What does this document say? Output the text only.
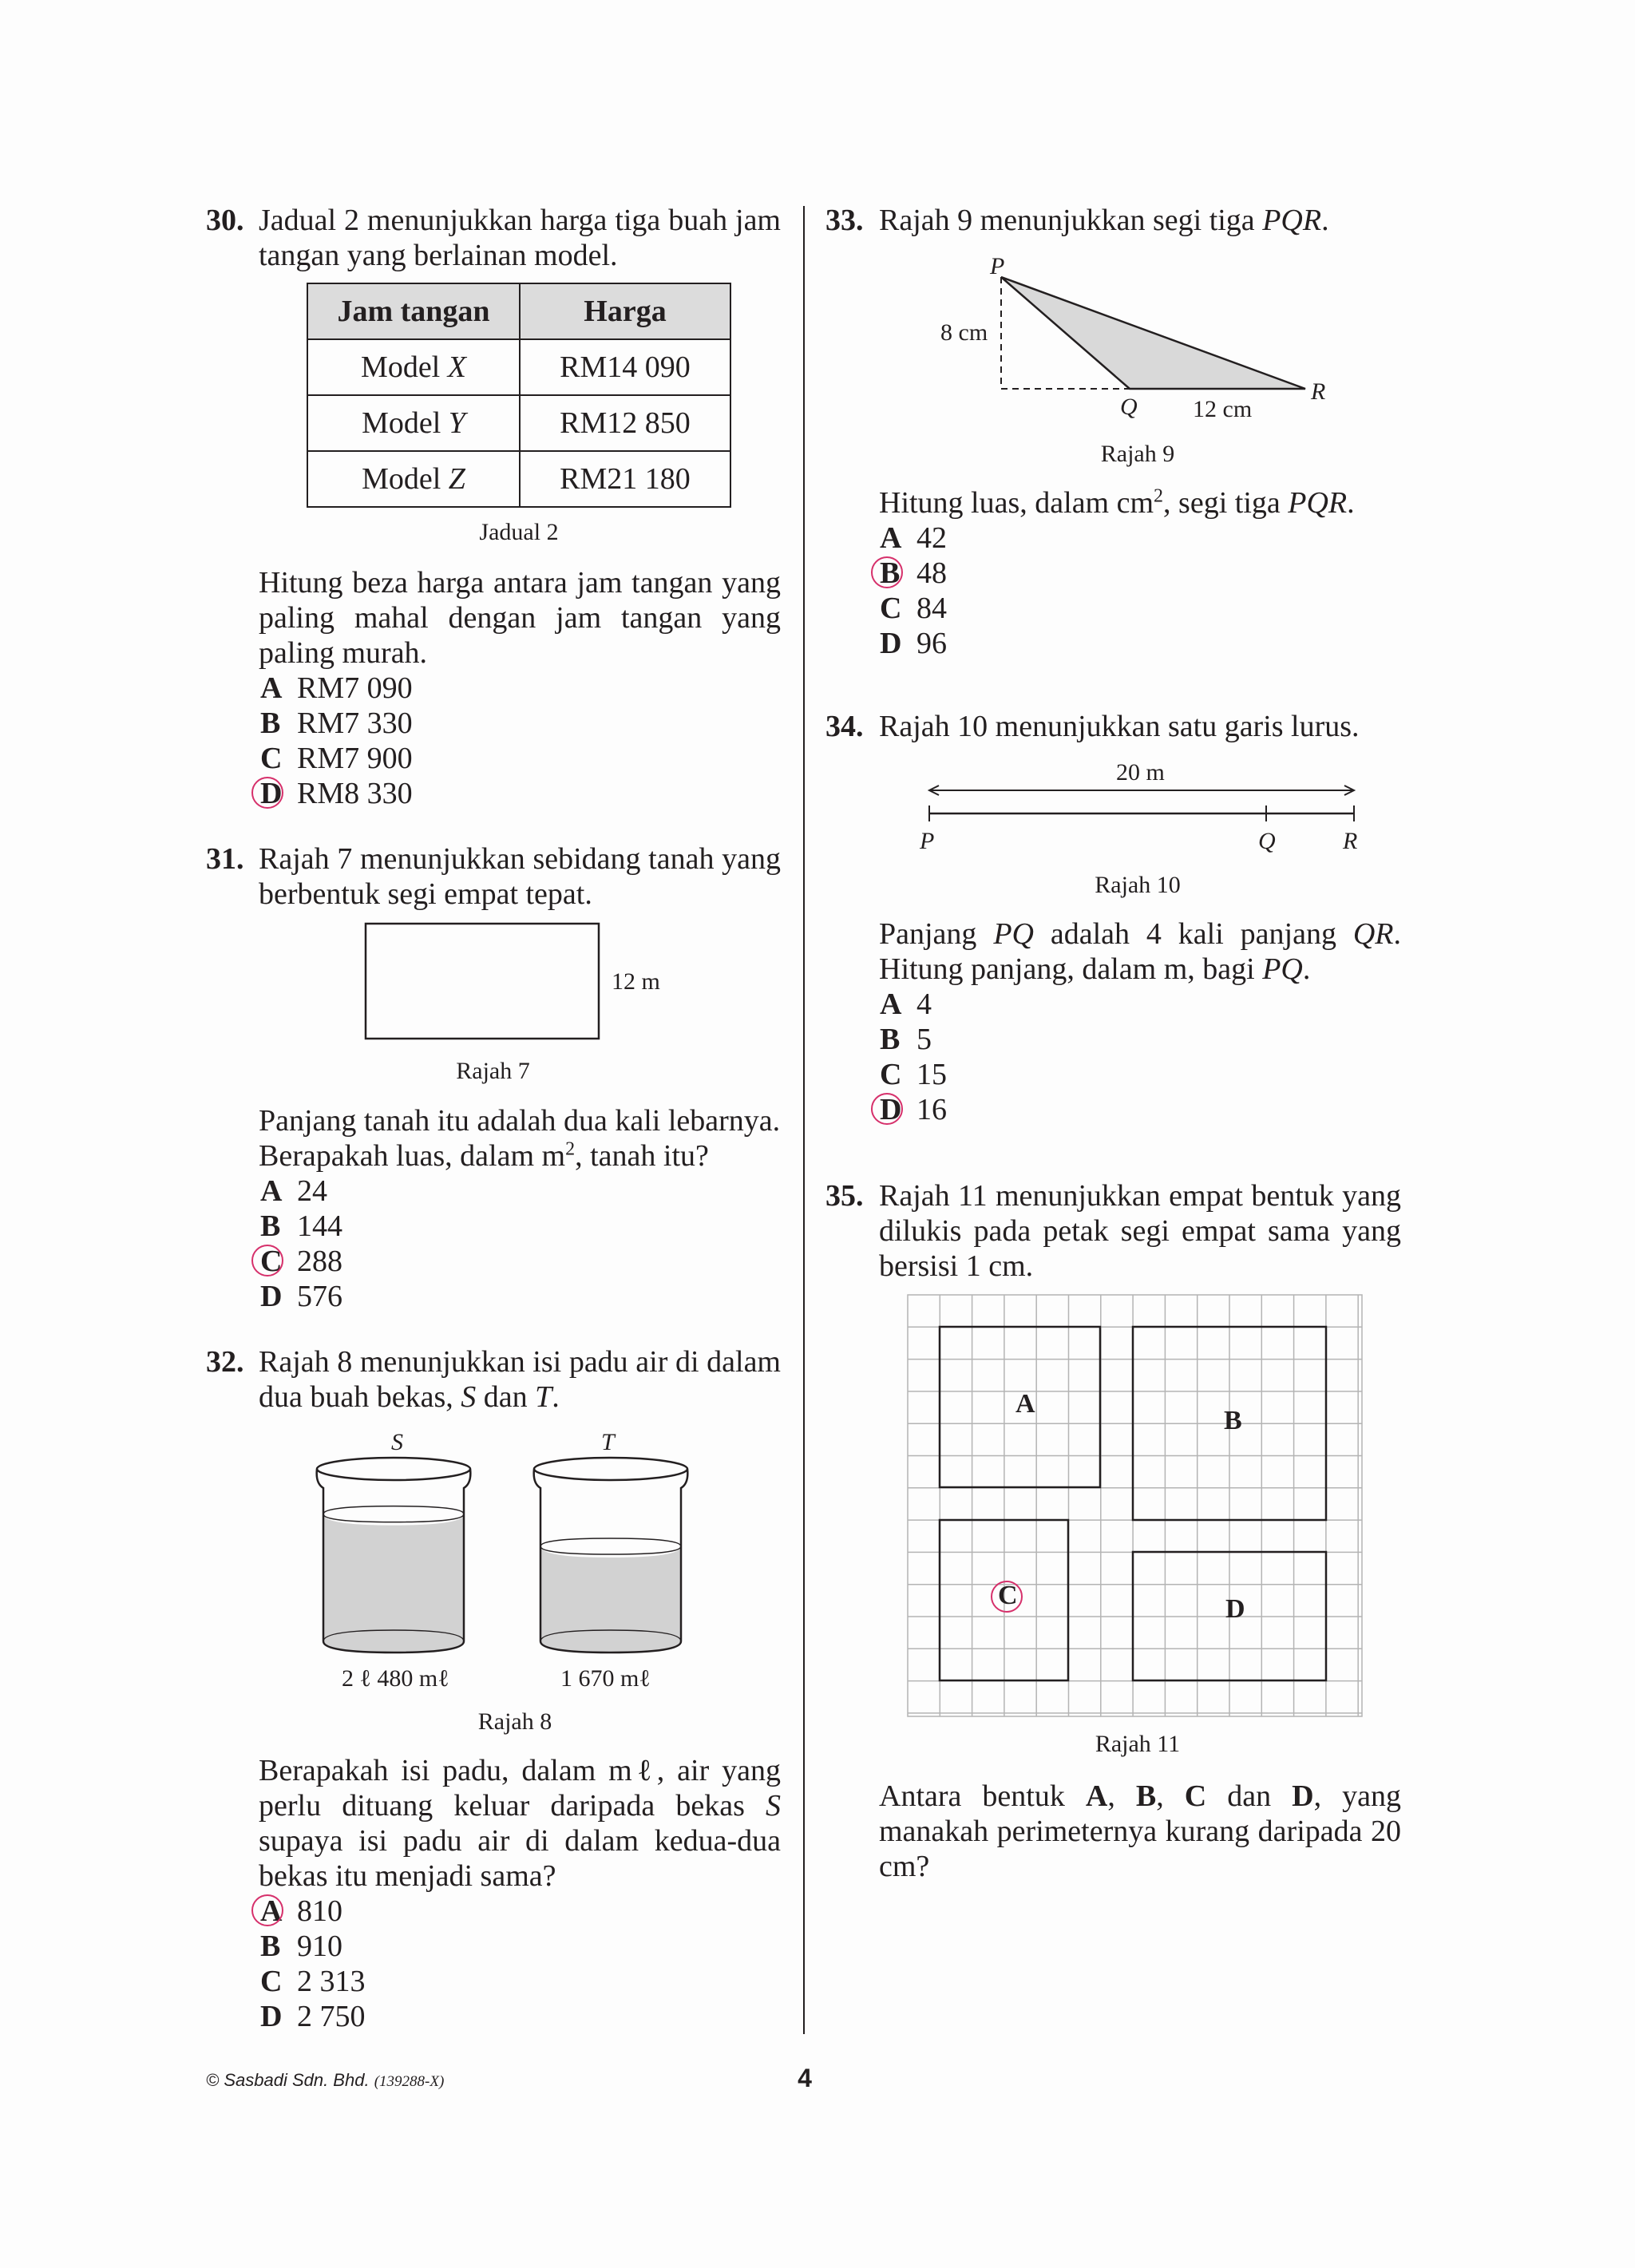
30. Jadual 2 menunjukkan harga tiga buah jam tangan yang berlainan model.
Jam tangan	Harga
Model X	RM14 090
Model Y	RM12 850
Model Z	RM21 180
Jadual 2
Hitung beza harga antara jam tangan yang paling mahal dengan jam tangan yang paling murah.
A RM7 090
B RM7 330
C RM7 900
D RM8 330
31. Rajah 7 menunjukkan sebidang tanah yang berbentuk segi empat tepat.
12 m
Rajah 7
Panjang tanah itu adalah dua kali lebarnya.
Berapakah luas, dalam $m^2$, tanah itu?
A 24
B 144
C 288
D 576
32. Rajah 8 menunjukkan isi padu air di dalam dua buah bekas, S dan T.
S	T
2 ℓ 480 mℓ	1 670 mℓ
Rajah 8
Berapakah isi padu, dalam mℓ, air yang perlu dituang keluar daripada bekas S supaya isi padu air di dalam kedua-dua bekas itu menjadi sama?
A 810
B 910
C 2 313
D 2 750
33. Rajah 9 menunjukkan segi tiga PQR.
P
Q
R
8 cm
12 cm
Rajah 9
Hitung luas, dalam $cm^2$, segi tiga PQR.
A 42
B 48
C 84
D 96
34. Rajah 10 menunjukkan satu garis lurus.
20 m
P	Q	R
Rajah 10
Panjang PQ adalah 4 kali panjang QR.
Hitung panjang, dalam m, bagi PQ.
A 4
B 5
C 15
D 16
35. Rajah 11 menunjukkan empat bentuk yang dilukis pada petak segi empat sama yang bersisi 1 cm.
A
B
C	D
Rajah 11
Antara bentuk A, B, C dan D, yang manakah perimeternya kurang daripada 20 cm?
© Sasbadi Sdn. Bhd. (139288-X)	4
